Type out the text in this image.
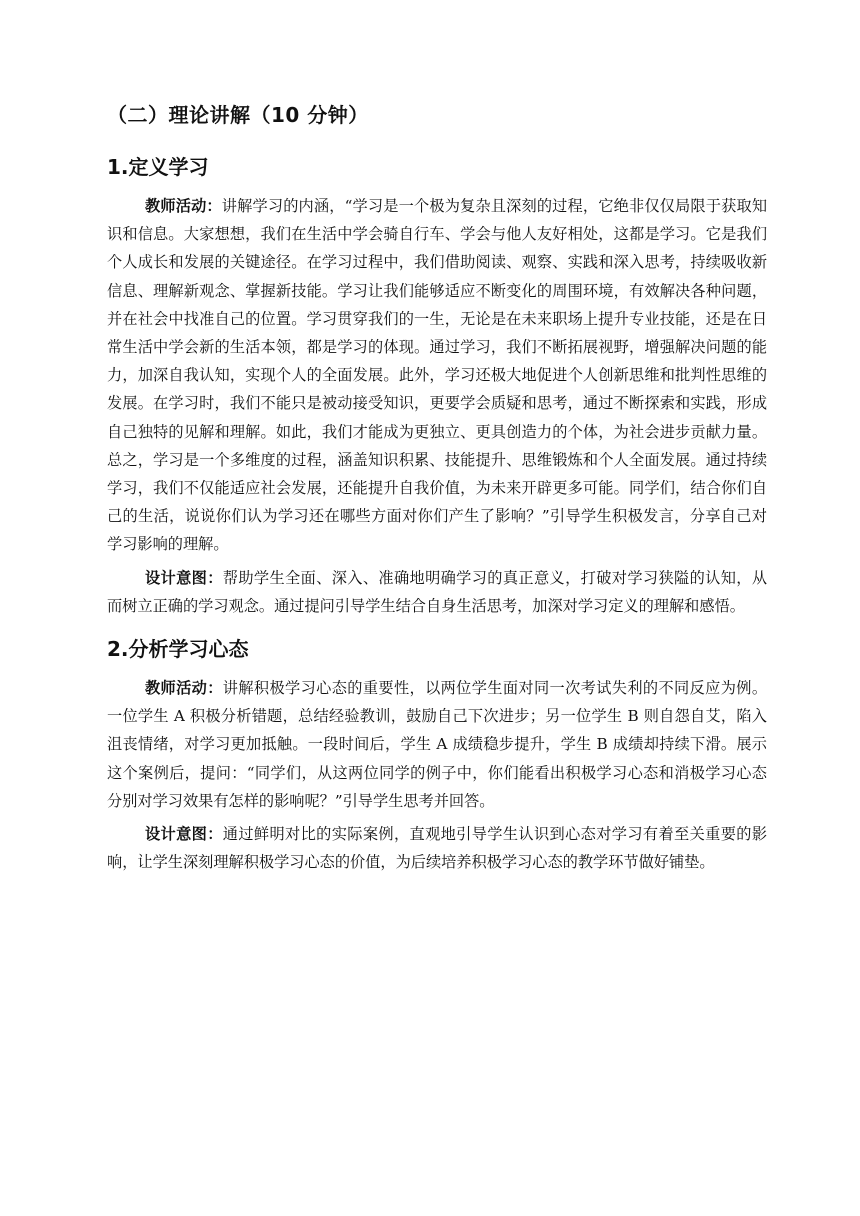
（二）理论讲解（10 分钟）
1.定义学习

教师活动：讲解学习的内涵，“学习是一个极为复杂且深刻的过程，它绝非仅仅局限于获取知识和信息。大家想想，我们在生活中学会骑自行车、学会与他人友好相处，这都是学习。它是我们个人成长和发展的关键途径。在学习过程中，我们借助阅读、观察、实践和深入思考，持续吸收新信息、理解新观念、掌握新技能。学习让我们能够适应不断变化的周围环境，有效解决各种问题，并在社会中找准自己的位置。学习贯穿我们的一生，无论是在未来职场上提升专业技能，还是在日常生活中学会新的生活本领，都是学习的体现。通过学习，我们不断拓展视野，增强解决问题的能力，加深自我认知，实现个人的全面发展。此外，学习还极大地促进个人创新思维和批判性思维的发展。在学习时，我们不能只是被动接受知识，更要学会质疑和思考，通过不断探索和实践，形成自己独特的见解和理解。如此，我们才能成为更独立、更具创造力的个体，为社会进步贡献力量。总之，学习是一个多维度的过程，涵盖知识积累、技能提升、思维锻炼和个人全面发展。通过持续学习，我们不仅能适应社会发展，还能提升自我价值，为未来开辟更多可能。同学们，结合你们自己的生活，说说你们认为学习还在哪些方面对你们产生了影响？”引导学生积极发言，分享自己对学习影响的理解。

设计意图：帮助学生全面、深入、准确地明确学习的真正意义，打破对学习狭隘的认知，从而树立正确的学习观念。通过提问引导学生结合自身生活思考，加深对学习定义的理解和感悟。

2.分析学习心态

教师活动：讲解积极学习心态的重要性，以两位学生面对同一次考试失利的不同反应为例。一位学生 A 积极分析错题，总结经验教训，鼓励自己下次进步；另一位学生 B 则自怨自艾，陷入沮丧情绪，对学习更加抵触。一段时间后，学生 A 成绩稳步提升，学生 B 成绩却持续下滑。展示这个案例后，提问：“同学们，从这两位同学的例子中，你们能看出积极学习心态和消极学习心态分别对学习效果有怎样的影响呢？”引导学生思考并回答。

设计意图：通过鲜明对比的实际案例，直观地引导学生认识到心态对学习有着至关重要的影响，让学生深刻理解积极学习心态的价值，为后续培养积极学习心态的教学环节做好铺垫。
